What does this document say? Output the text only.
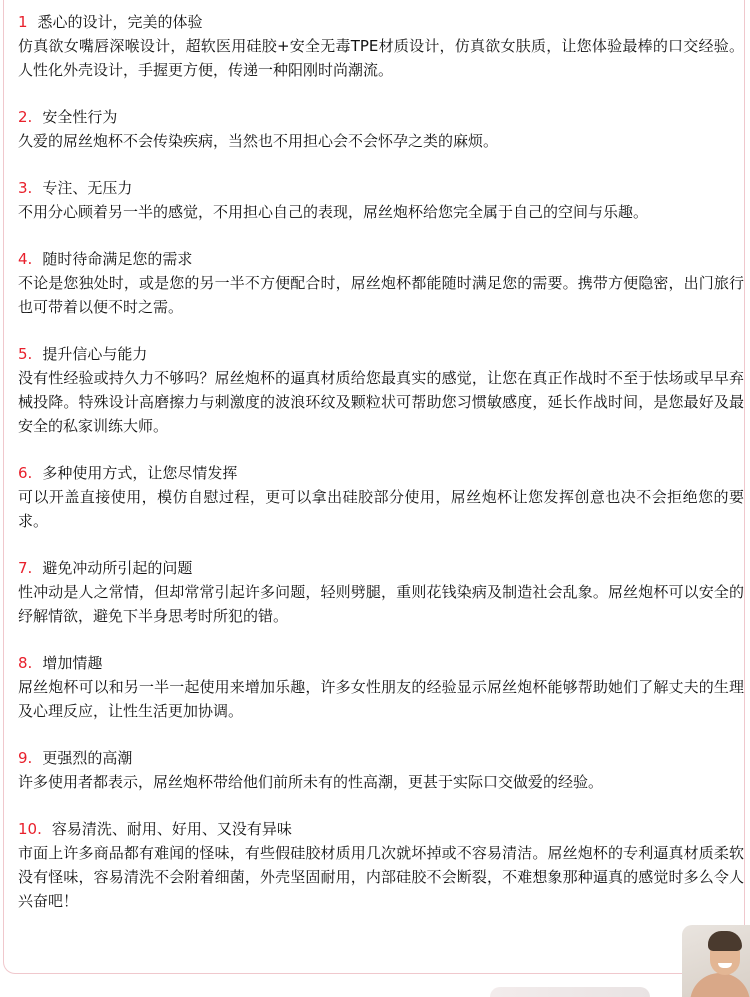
1 悉心的设计，完美的体验
仿真欲女嘴唇深喉设计，超软医用硅胶+安全无毒TPE材质设计，仿真欲女肤质，让您体验最棒的口交经验。人性化外壳设计，手握更方便，传递一种阳刚时尚潮流。
2. 安全性行为
久爱的屌丝炮杯不会传染疾病，当然也不用担心会不会怀孕之类的麻烦。
3. 专注、无压力
不用分心顾着另一半的感觉，不用担心自己的表现，屌丝炮杯给您完全属于自己的空间与乐趣。
4. 随时待命满足您的需求
不论是您独处时，或是您的另一半不方便配合时，屌丝炮杯都能随时满足您的需要。携带方便隐密，出门旅行也可带着以便不时之需。
5. 提升信心与能力
没有性经验或持久力不够吗？屌丝炮杯的逼真材质给您最真实的感觉，让您在真正作战时不至于怯场或早早弃械投降。特殊设计高磨擦力与刺激度的波浪环纹及颗粒状可帮助您习惯敏感度，延长作战时间，是您最好及最安全的私家训练大师。
6. 多种使用方式，让您尽情发挥
可以开盖直接使用，模仿自慰过程，更可以拿出硅胶部分使用，屌丝炮杯让您发挥创意也决不会拒绝您的要求。
7. 避免冲动所引起的问题
性冲动是人之常情，但却常常引起许多问题，轻则劈腿，重则花钱染病及制造社会乱象。屌丝炮杯可以安全的纾解情欲，避免下半身思考时所犯的错。
8. 增加情趣
屌丝炮杯可以和另一半一起使用来增加乐趣，许多女性朋友的经验显示屌丝炮杯能够帮助她们了解丈夫的生理及心理反应，让性生活更加协调。
9. 更强烈的高潮
许多使用者都表示，屌丝炮杯带给他们前所未有的性高潮，更甚于实际口交做爱的经验。
10. 容易清洗、耐用、好用、又没有异味
市面上许多商品都有难闻的怪味，有些假硅胶材质用几次就坏掉或不容易清洁。屌丝炮杯的专利逼真材质柔软没有怪味，容易清洗不会附着细菌，外壳坚固耐用，内部硅胶不会断裂，不难想象那种逼真的感觉时多么令人兴奋吧！
